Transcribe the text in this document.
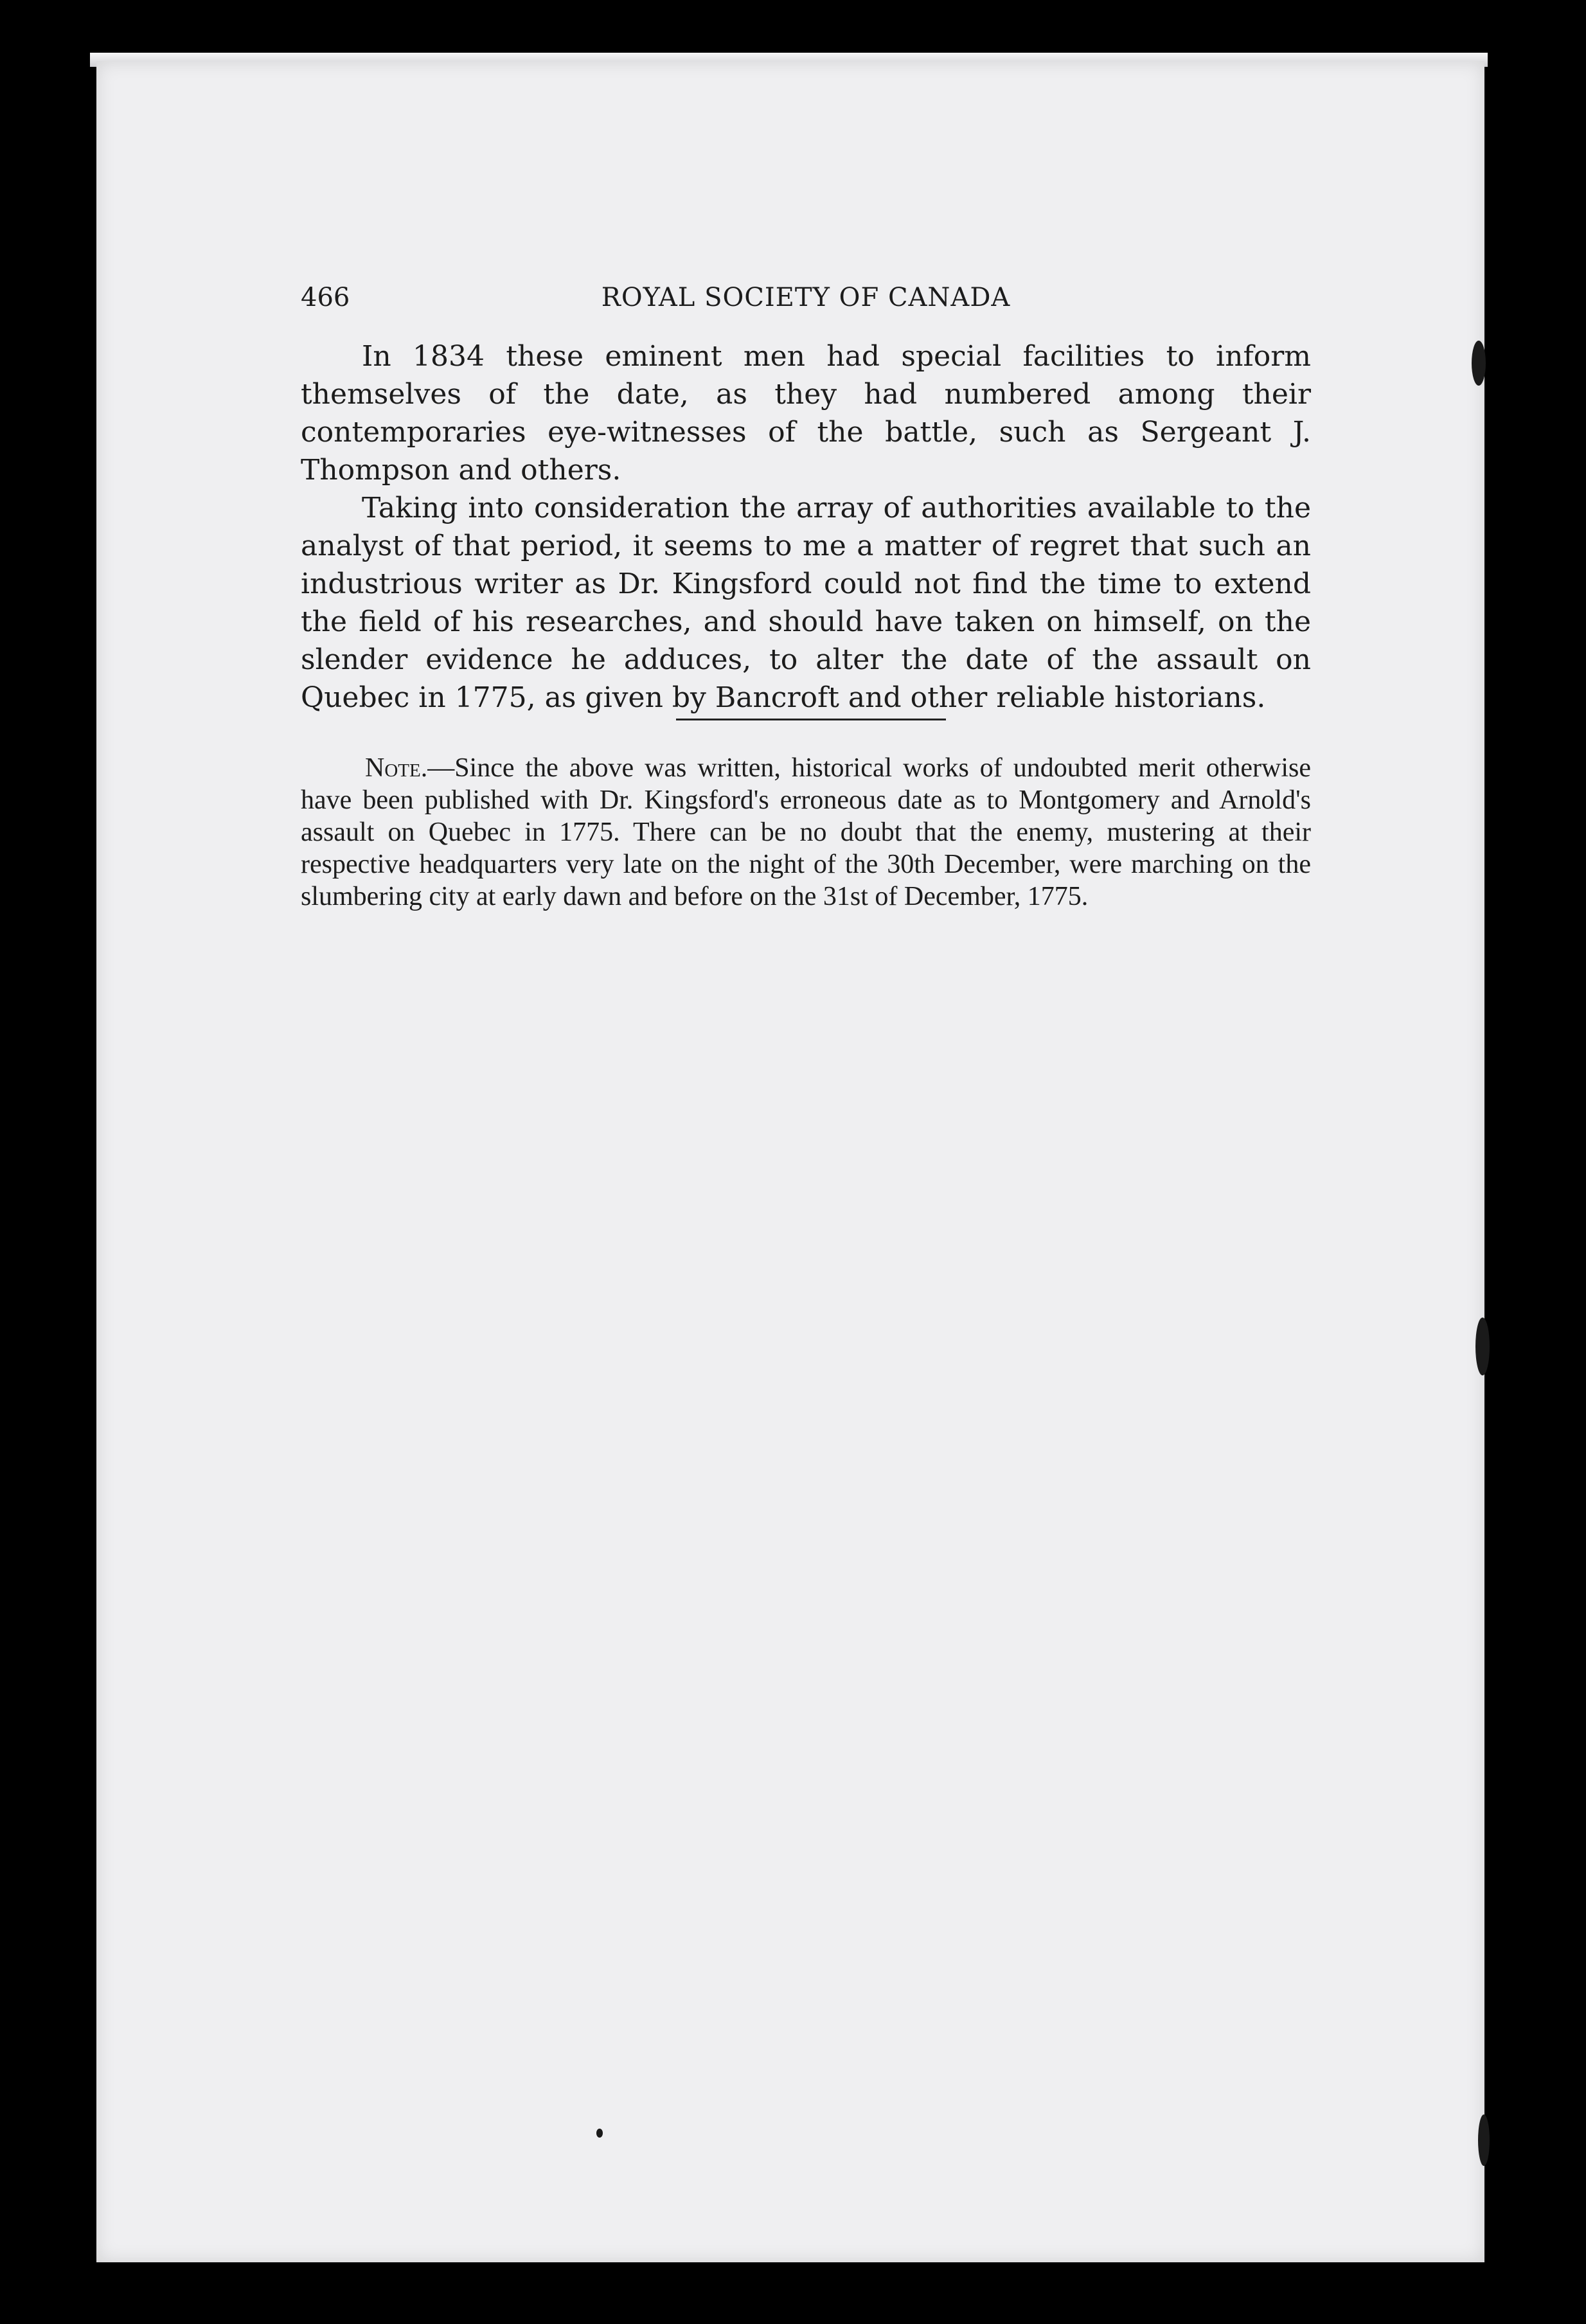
466	ROYAL SOCIETY OF CANADA

In 1834 these eminent men had special facilities to inform themselves of the date, as they had numbered among their contemporaries eye-witnesses of the battle, such as Sergeant J. Thompson and others.

Taking into consideration the array of authorities available to the analyst of that period, it seems to me a matter of regret that such an industrious writer as Dr. Kingsford could not find the time to extend the field of his researches, and should have taken on himself, on the slender evidence he adduces, to alter the date of the assault on Quebec in 1775, as given by Bancroft and other reliable historians.

Note.—Since the above was written, historical works of undoubted merit otherwise have been published with Dr. Kingsford's erroneous date as to Montgomery and Arnold's assault on Quebec in 1775. There can be no doubt that the enemy, mustering at their respective headquarters very late on the night of the 30th December, were marching on the slumbering city at early dawn and before on the 31st of December, 1775.
